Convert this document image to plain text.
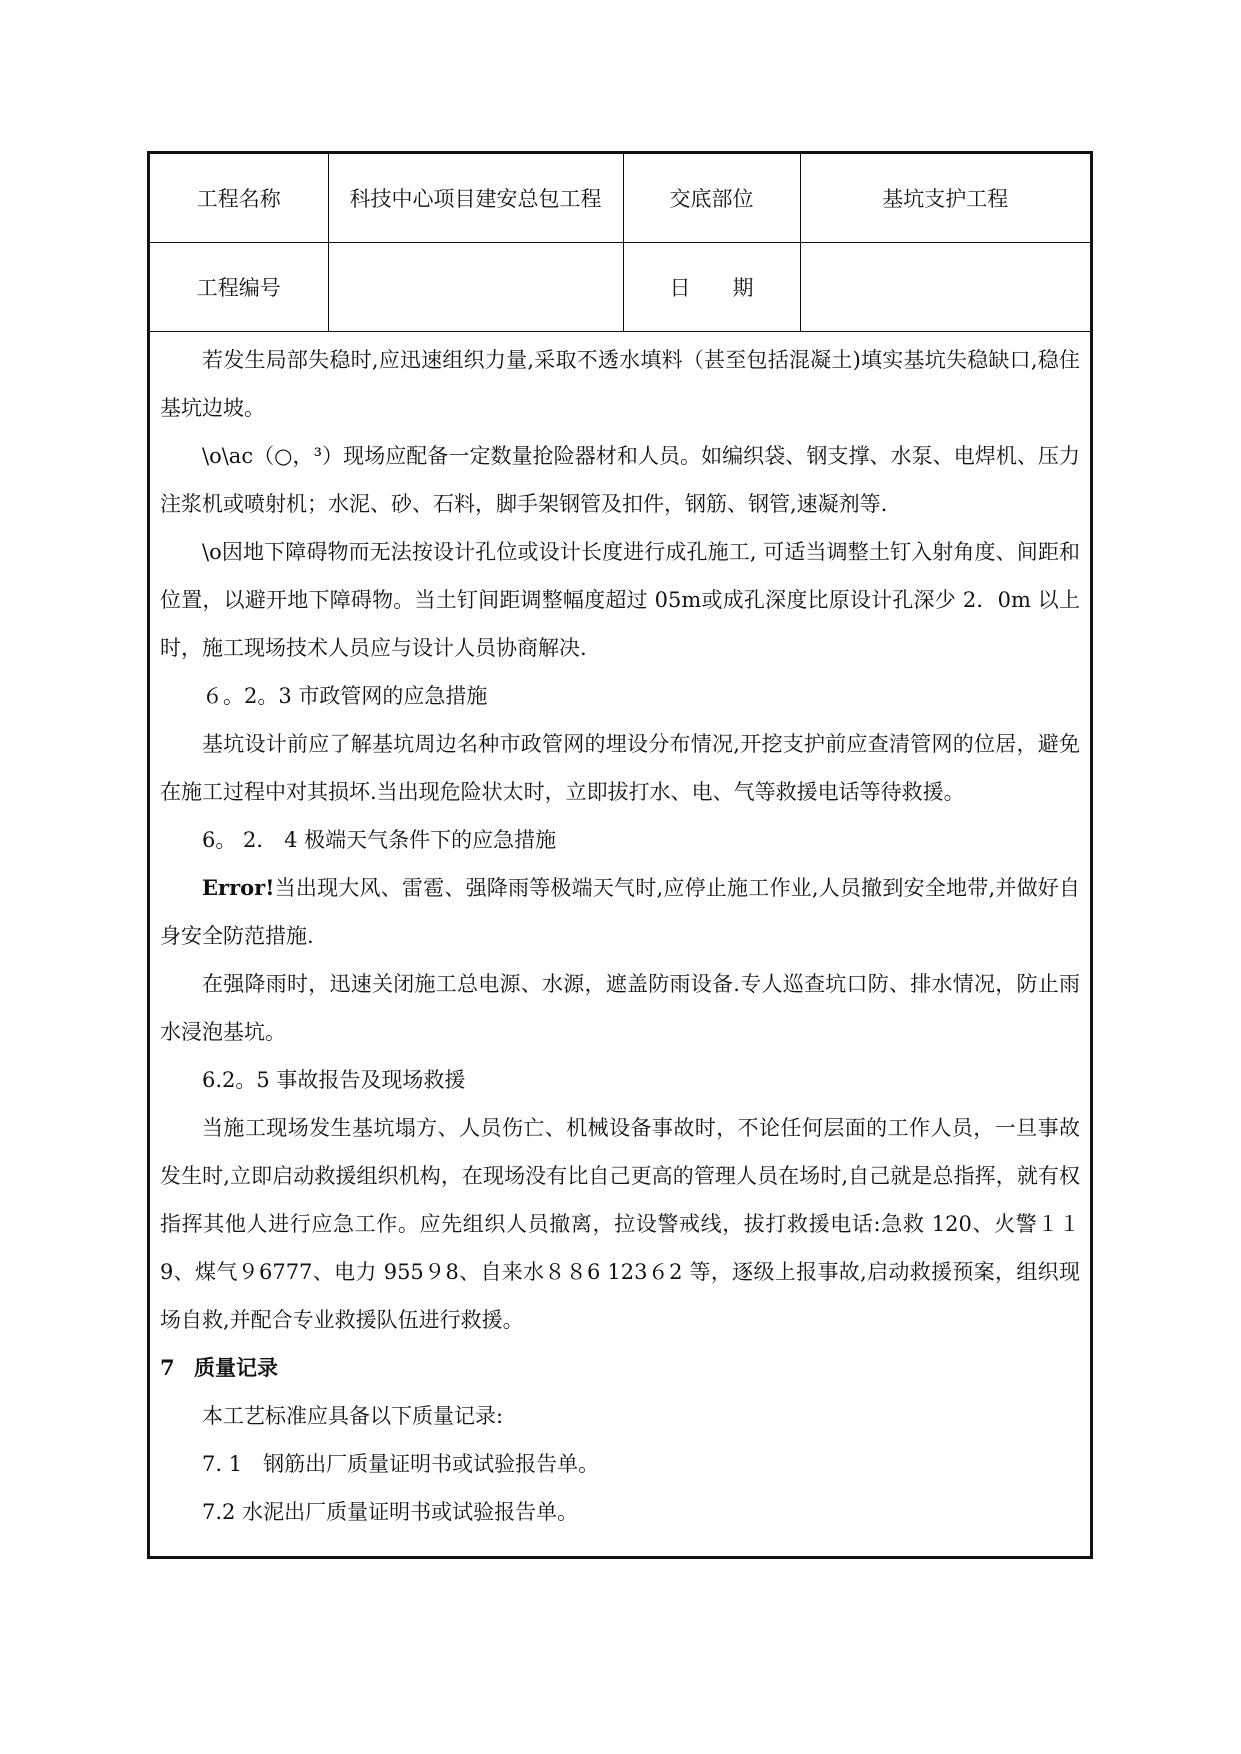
工程名称	科技中心项目建安总包工程	交底部位	基坑支护工程
工程编号		日　　期	

若发生局部失稳时,应迅速组织力量,采取不透水填料（甚至包括混凝土)填实基坑失稳缺口,稳住基坑边坡。

\ο\ac（○，³）现场应配备一定数量抢险器材和人员。如编织袋、钢支撑、水泵、电焊机、压力注浆机或喷射机；水泥、砂、石料，脚手架钢管及扣件，钢筋、钢管,速凝剂等.

\ο因地下障碍物而无法按设计孔位或设计长度进行成孔施工, 可适当调整土钉入射角度、间距和位置，以避开地下障碍物。当土钉间距调整幅度超过 05m或成孔深度比原设计孔深少 2．0m 以上时，施工现场技术人员应与设计人员协商解决.

６。2。3 市政管网的应急措施

基坑设计前应了解基坑周边名种市政管网的埋设分布情况,开挖支护前应查清管网的位居，避免在施工过程中对其损坏.当出现危险状太时，立即拔打水、电、气等救援电话等待救援。

6。 2． 4 极端天气条件下的应急措施

Error!当出现大风、雷雹、强降雨等极端天气时,应停止施工作业,人员撤到安全地带,并做好自身安全防范措施.

在强降雨时，迅速关闭施工总电源、水源，遮盖防雨设备.专人巡查坑口防、排水情况，防止雨水浸泡基坑。

6.2。5 事故报告及现场救援

当施工现场发生基坑塌方、人员伤亡、机械设备事故时，不论任何层面的工作人员，一旦事故发生时,立即启动救援组织机构，在现场没有比自己更高的管理人员在场时,自己就是总指挥，就有权指挥其他人进行应急工作。应先组织人员撤离，拉设警戒线，拔打救援电话:急救 120、火警１１9、煤气９6777、电力 955９8、自来水８８6 123６2 等，逐级上报事故,启动救援预案，组织现场自救,并配合专业救援队伍进行救援。

7 质量记录

本工艺标准应具备以下质量记录:

7. 1　钢筋出厂质量证明书或试验报告单。

7.2 水泥出厂质量证明书或试验报告单。
